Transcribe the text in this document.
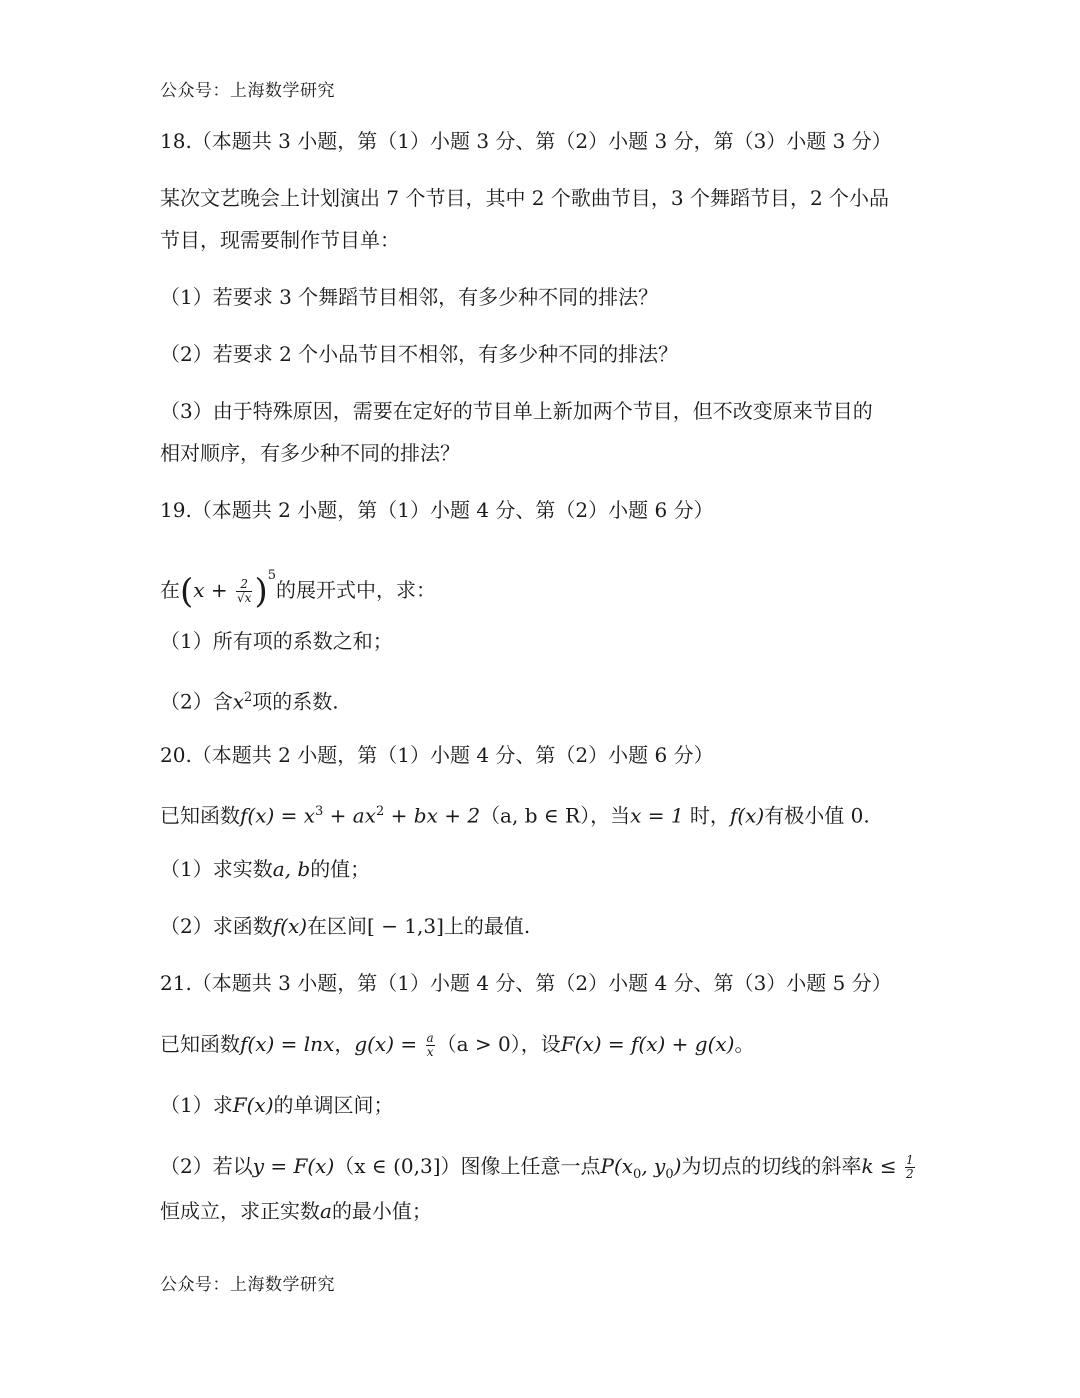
公众号：上海数学研究
18.（本题共 3 小题，第（1）小题 3 分、第（2）小题 3 分，第（3）小题 3 分）
某次文艺晚会上计划演出 7 个节目，其中 2 个歌曲节目，3 个舞蹈节目，2 个小品
节目，现需要制作节目单：
（1）若要求 3 个舞蹈节目相邻，有多少种不同的排法？
（2）若要求 2 个小品节目不相邻，有多少种不同的排法？
（3）由于特殊原因，需要在定好的节目单上新加两个节目，但不改变原来节目的
相对顺序，有多少种不同的排法？
19.（本题共 2 小题，第（1）小题 4 分、第（2）小题 6 分）
在$(x + \frac{2}{√x} )^5$的展开式中，求：
（1）所有项的系数之和；
（2）含$x^2$项的系数.
20.（本题共 2 小题，第（1）小题 4 分、第（2）小题 6 分）
已知函数$f(x) = x^3 + ax^2$ + bx + 2（a, b ∈ R），当x = 1 时，f(x)有极小值 0.
（1）求实数a, b的值；
（2）求函数f(x)在区间[ − 1,3]上的最值.
21.（本题共 3 小题，第（1）小题 4 分、第（2）小题 4 分、第（3）小题 5 分）
已知函数f(x) = lnx，$g(x) = \frac{a}{x} (a > 0)$，设F(x) = f(x) + g(x)。
（1）求F(x)的单调区间；
（2）若以y = F(x)（x ∈ (0,3]）图像上任意一点$P(x_0$, $y_0$)为切点的切线的斜率$k \le \frac{1}{2}$
恒成立，求正实数a的最小值；
公众号：上海数学研究
